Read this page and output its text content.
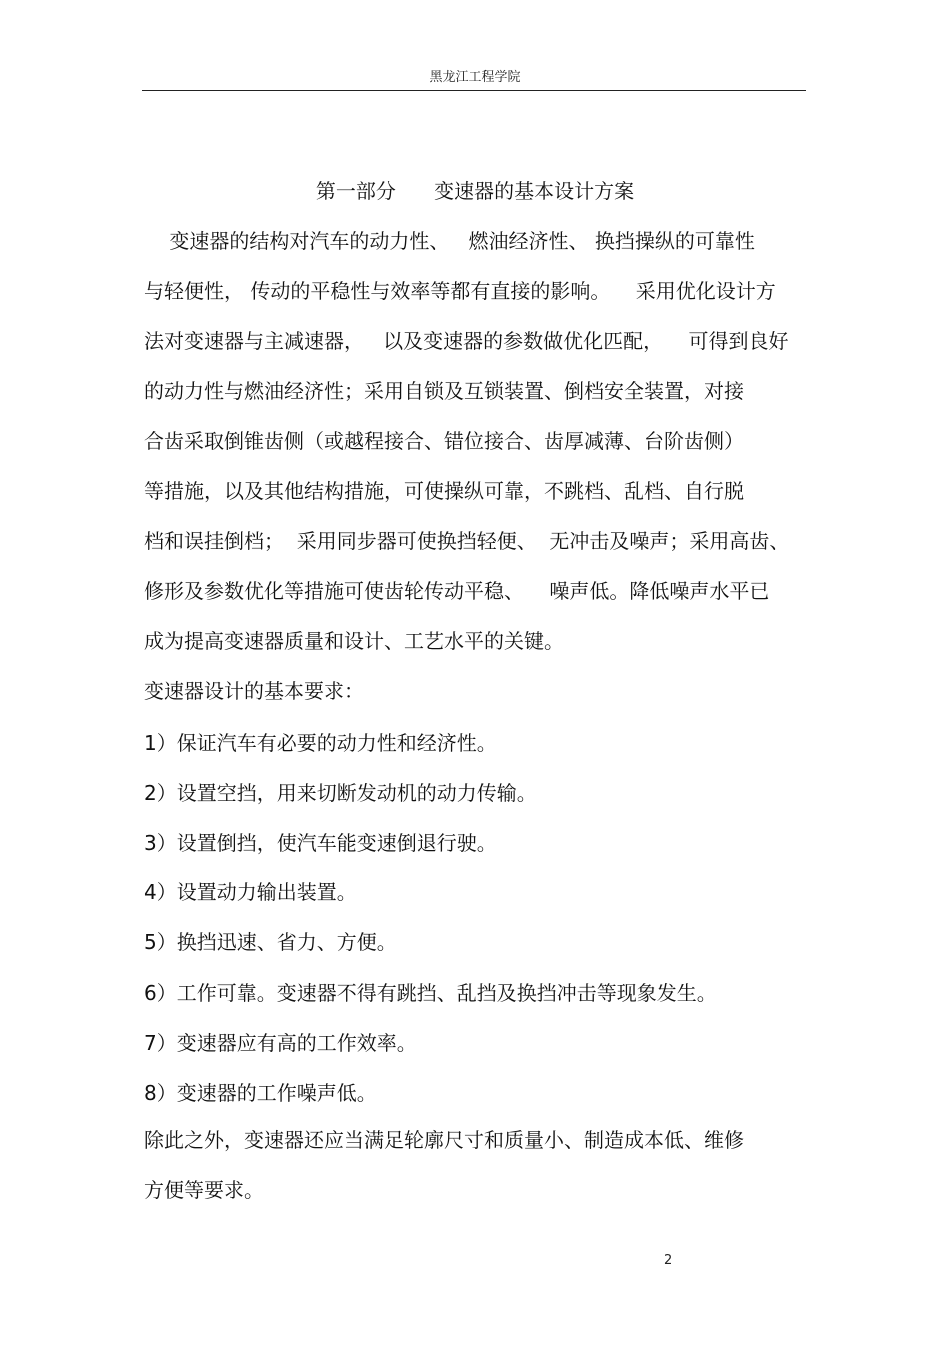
黑龙江工程学院
第一部分      变速器的基本设计方案
变速器的结构对汽车的动力性、   燃油经济性、 换挡操纵的可靠性
与轻便性， 传动的平稳性与效率等都有直接的影响。    采用优化设计方
法对变速器与主减速器，   以及变速器的参数做优化匹配，    可得到良好
的动力性与燃油经济性；采用自锁及互锁装置、倒档安全装置，对接
合齿采取倒锥齿侧（或越程接合、错位接合、齿厚减薄、台阶齿侧）
等措施，以及其他结构措施，可使操纵可靠，不跳档、乱档、自行脱
档和误挂倒档；  采用同步器可使换挡轻便、  无冲击及噪声；采用高齿、
修形及参数优化等措施可使齿轮传动平稳、    噪声低。降低噪声水平已
成为提高变速器质量和设计、工艺水平的关键。
变速器设计的基本要求：
1）保证汽车有必要的动力性和经济性。
2）设置空挡，用来切断发动机的动力传输。
3）设置倒挡，使汽车能变速倒退行驶。
4）设置动力输出装置。
5）换挡迅速、省力、方便。
6）工作可靠。变速器不得有跳挡、乱挡及换挡冲击等现象发生。
7）变速器应有高的工作效率。
8）变速器的工作噪声低。
除此之外，变速器还应当满足轮廓尺寸和质量小、制造成本低、维修
方便等要求。
2
